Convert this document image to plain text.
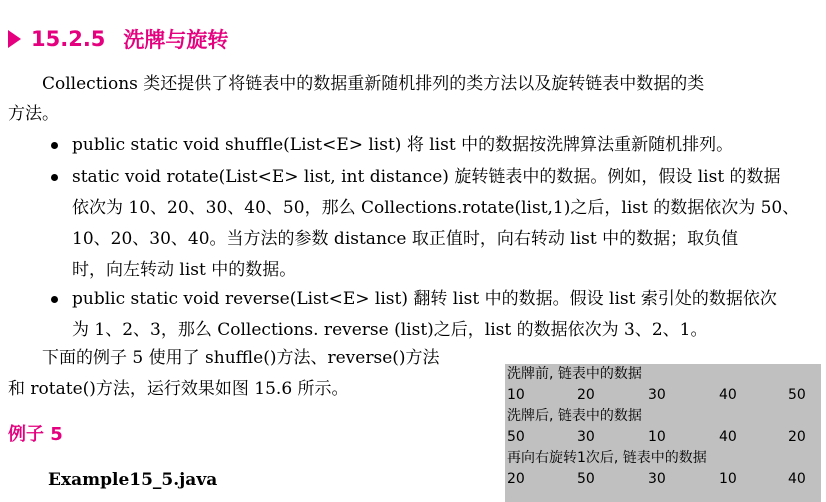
15.2.5 洗牌与旋转
　　Collections 类还提供了将链表中的数据重新随机排列的类方法以及旋转链表中数据的类
方法。
public static void shuffle(List<E> list) 将 list 中的数据按洗牌算法重新随机排列。
static void rotate(List<E> list, int distance) 旋转链表中的数据。例如，假设 list 的数据
依次为 10、20、30、40、50，那么 Collections.rotate(list,1)之后，list 的数据依次为 50、
10、20、30、40。当方法的参数 distance 取正值时，向右转动 list 中的数据；取负值
时，向左转动 list 中的数据。
public static void reverse(List<E> list) 翻转 list 中的数据。假设 list 索引处的数据依次
为 1、2、3，那么 Collections. reverse (list)之后，list 的数据依次为 3、2、1。
　　下面的例子 5 使用了 shuffle()方法、reverse()方法
和 rotate()方法，运行效果如图 15.6 所示。
例子 5
Example15_5.java
洗牌前, 链表中的数据
10	20	30	40	50
洗牌后, 链表中的数据
50	30	10	40	20
再向右旋转1次后, 链表中的数据
20	50	30	10	40
